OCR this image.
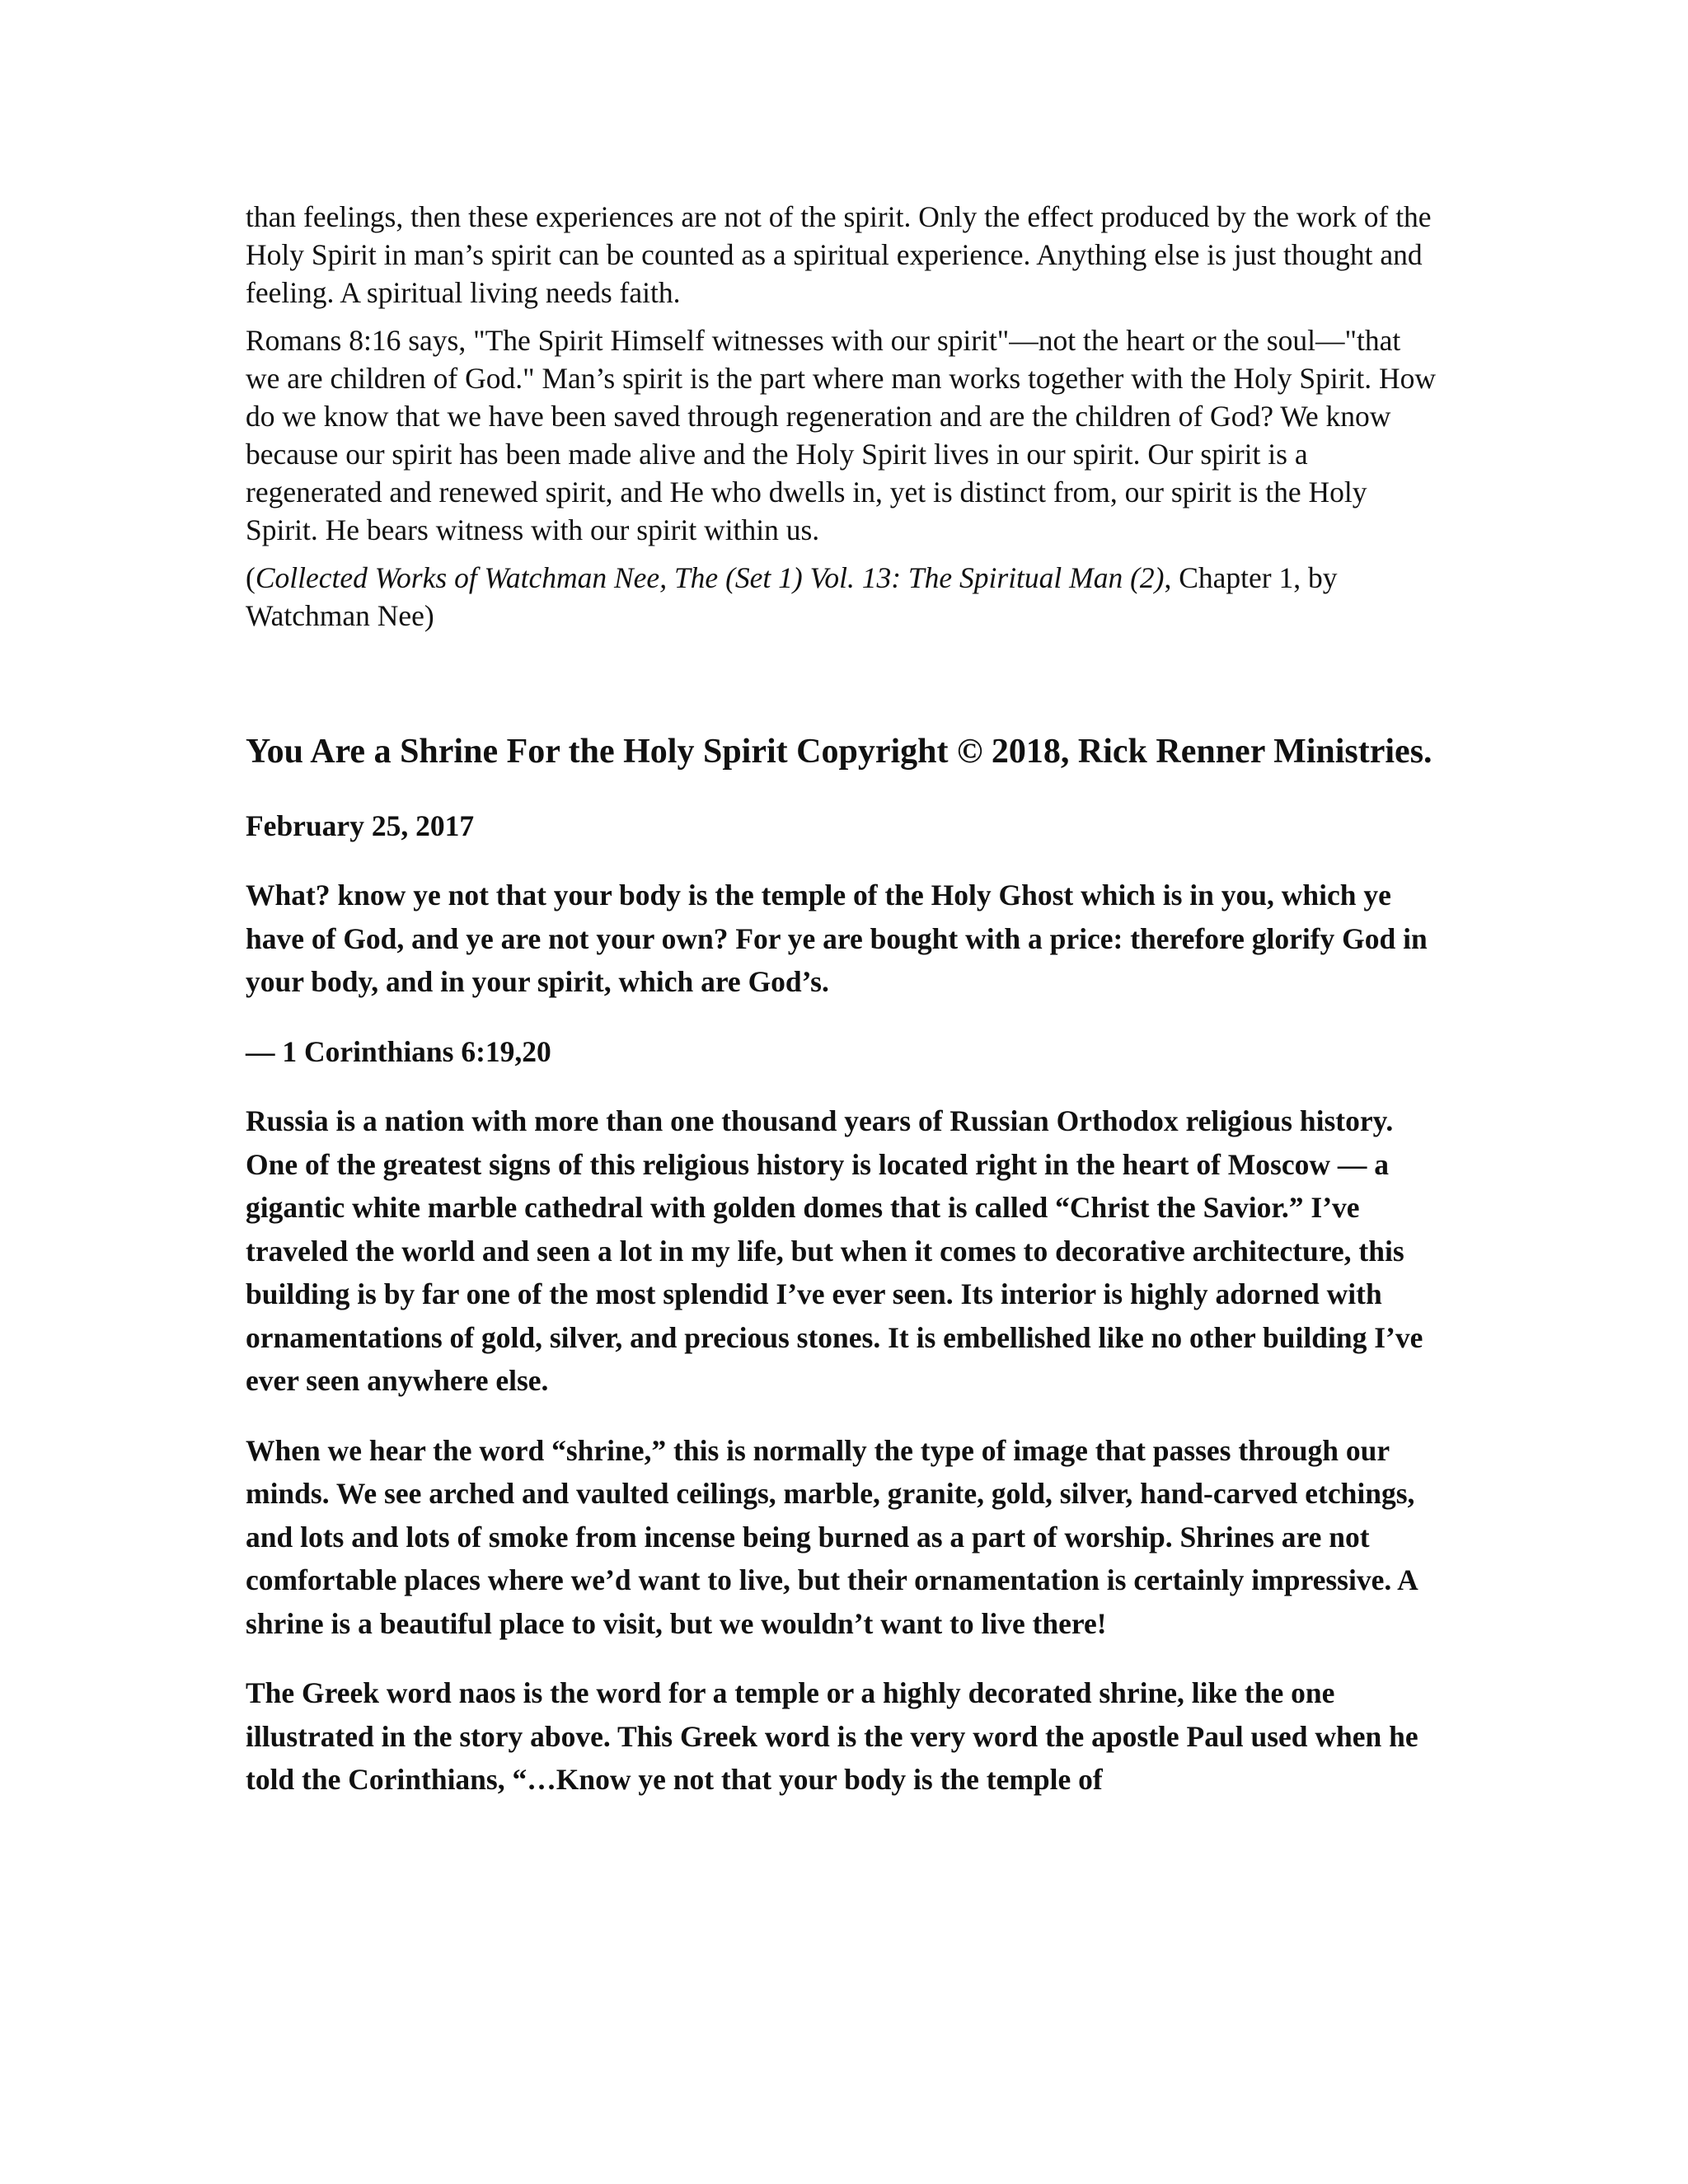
than feelings, then these experiences are not of the spirit. Only the effect produced by the work of the Holy Spirit in man’s spirit can be counted as a spiritual experience. Anything else is just thought and feeling. A spiritual living needs faith.

Romans 8:16 says, "The Spirit Himself witnesses with our spirit"—not the heart or the soul—"that we are children of God." Man’s spirit is the part where man works together with the Holy Spirit. How do we know that we have been saved through regeneration and are the children of God? We know because our spirit has been made alive and the Holy Spirit lives in our spirit. Our spirit is a regenerated and renewed spirit, and He who dwells in, yet is distinct from, our spirit is the Holy Spirit. He bears witness with our spirit within us.

(Collected Works of Watchman Nee, The (Set 1) Vol. 13: The Spiritual Man (2), Chapter 1, by Watchman Nee)

You Are a Shrine For the Holy Spirit Copyright © 2018, Rick Renner Ministries.

February 25, 2017

What? know ye not that your body is the temple of the Holy Ghost which is in you, which ye have of God, and ye are not your own? For ye are bought with a price: therefore glorify God in your body, and in your spirit, which are God’s.

— 1 Corinthians 6:19,20

Russia is a nation with more than one thousand years of Russian Orthodox religious history. One of the greatest signs of this religious history is located right in the heart of Moscow — a gigantic white marble cathedral with golden domes that is called “Christ the Savior.” I’ve traveled the world and seen a lot in my life, but when it comes to decorative architecture, this building is by far one of the most splendid I’ve ever seen. Its interior is highly adorned with ornamentations of gold, silver, and precious stones. It is embellished like no other building I’ve ever seen anywhere else.

When we hear the word “shrine,” this is normally the type of image that passes through our minds. We see arched and vaulted ceilings, marble, granite, gold, silver, hand-carved etchings, and lots and lots of smoke from incense being burned as a part of worship. Shrines are not comfortable places where we’d want to live, but their ornamentation is certainly impressive. A shrine is a beautiful place to visit, but we wouldn’t want to live there!

The Greek word naos is the word for a temple or a highly decorated shrine, like the one illustrated in the story above. This Greek word is the very word the apostle Paul used when he told the Corinthians, “…Know ye not that your body is the temple of
